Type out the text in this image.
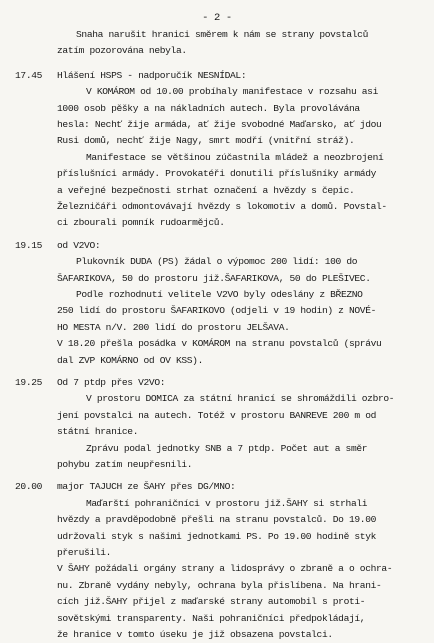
- 2 -
Snaha narušit hranici směrem k nám se strany povstalců
zatím pozorována nebyla.
Hlášení HSPS - nadporučík NESNÍDAL:
17.45
V KOMÁROM od 10.00 probíhaly manifestace v rozsahu asi
1000 osob pěšky a na nákladních autech. Byla provolávána
hesla: Nechť žije armáda, ať žije svobodné Maďarsko, ať jdou
Rusi domů, nechť žije Nagy, smrt modří (vnitřní stráž).
Manifestace se většinou zúčastnila mládež a neozbrojení
příslušníci armády. Provokatéři donutili příslušníky armády
a veřejné bezpečnosti strhat označení a hvězdy s čepic.
Železničáři odmontovávají hvězdy s lokomotiv a domů. Povstal-
ci zbourali pomník rudoarmějců.
od V2VO:
19.15
Plukovník DUDA (PS) žádal o výpomoc 200 lidí: 100 do
ŠAFARIKOVA, 50 do prostoru již.ŠAFARIKOVA, 50 do PLEŠIVEC.
Podle rozhodnutí velitele V2VO byly odeslány z BŘEZNO
250 lidí do prostoru ŠAFARIKOVO (odjeli v 19 hodin) z NOVÉ-
HO MESTA n/V. 200 lidí do prostoru JELŠAVA.
V 18.20 přešla posádka v KOMÁROM na stranu povstalců (správu
dal ZVP KOMÁRNO od OV KSS).
Od 7 ptdp přes V2VO:
19.25
V prostoru DOMICA za státní hranicí se shromáždili ozbro-
jení povstalci na autech. Totéž v prostoru BANREVE 200 m od
státní hranice.
Zprávu podal jednotky SNB a 7 ptdp. Počet aut a směr
pohybu zatím neupřesnili.
major TAJUCH ze ŠAHY přes DG/MNO:
20.00
Maďarští pohraničníci v prostoru již.ŠAHY si strhali
hvězdy a pravděpodobně přešli na stranu povstalců. Do 19.00
udržovali styk s našimi jednotkami PS. Po 19.00 hodině styk
přerušili.
V ŠAHY požádali orgány strany a lidosprávy o zbraně a o ochra-
nu. Zbraně vydány nebyly, ochrana byla přislíbena. Na hrani-
cích již.ŠAHY přijel z maďarské strany automobil s proti-
sovětskými transparenty. Naši pohraničníci předpokládají,
že hranice v tomto úseku je již obsazena povstalci.
